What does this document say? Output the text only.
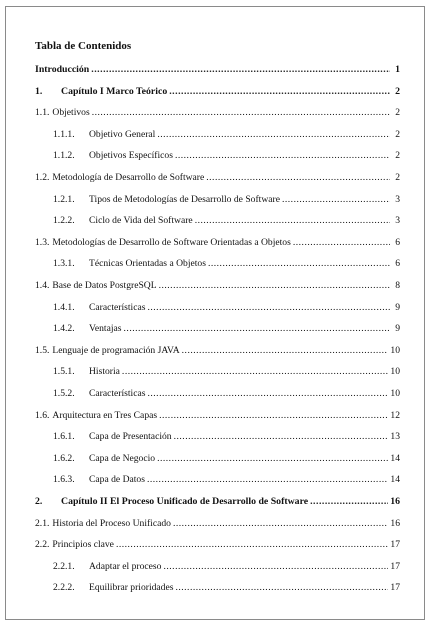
Tabla de Contenidos
Introducción .....	1
1.	Capítulo I Marco Teórico .....	2
1.1. Objetivos .....	2
1.1.1.	Objetivo General .....	2
1.1.2.	Objetivos Específicos .....	2
1.2. Metodología de Desarrollo de Software .....	2
1.2.1.	Tipos de Metodologías de Desarrollo de Software .....	3
1.2.2.	Ciclo de Vida del Software .....	3
1.3. Metodologías de Desarrollo de Software Orientadas a Objetos .....	6
1.3.1.	Técnicas Orientadas a Objetos .....	6
1.4. Base de Datos PostgreSQL .....	8
1.4.1.	Características .....	9
1.4.2.	Ventajas .....	9
1.5. Lenguaje de programación JAVA .....	10
1.5.1.	Historia .....	10
1.5.2.	Características .....	10
1.6. Arquitectura en Tres Capas .....	12
1.6.1.	Capa de Presentación .....	13
1.6.2.	Capa de Negocio .....	14
1.6.3.	Capa de Datos .....	14
2.	Capítulo II El Proceso Unificado de Desarrollo de Software .....	16
2.1. Historia del Proceso Unificado .....	16
2.2. Principios clave .....	17
2.2.1.	Adaptar el proceso .....	17
2.2.2.	Equilibrar prioridades .....	17
